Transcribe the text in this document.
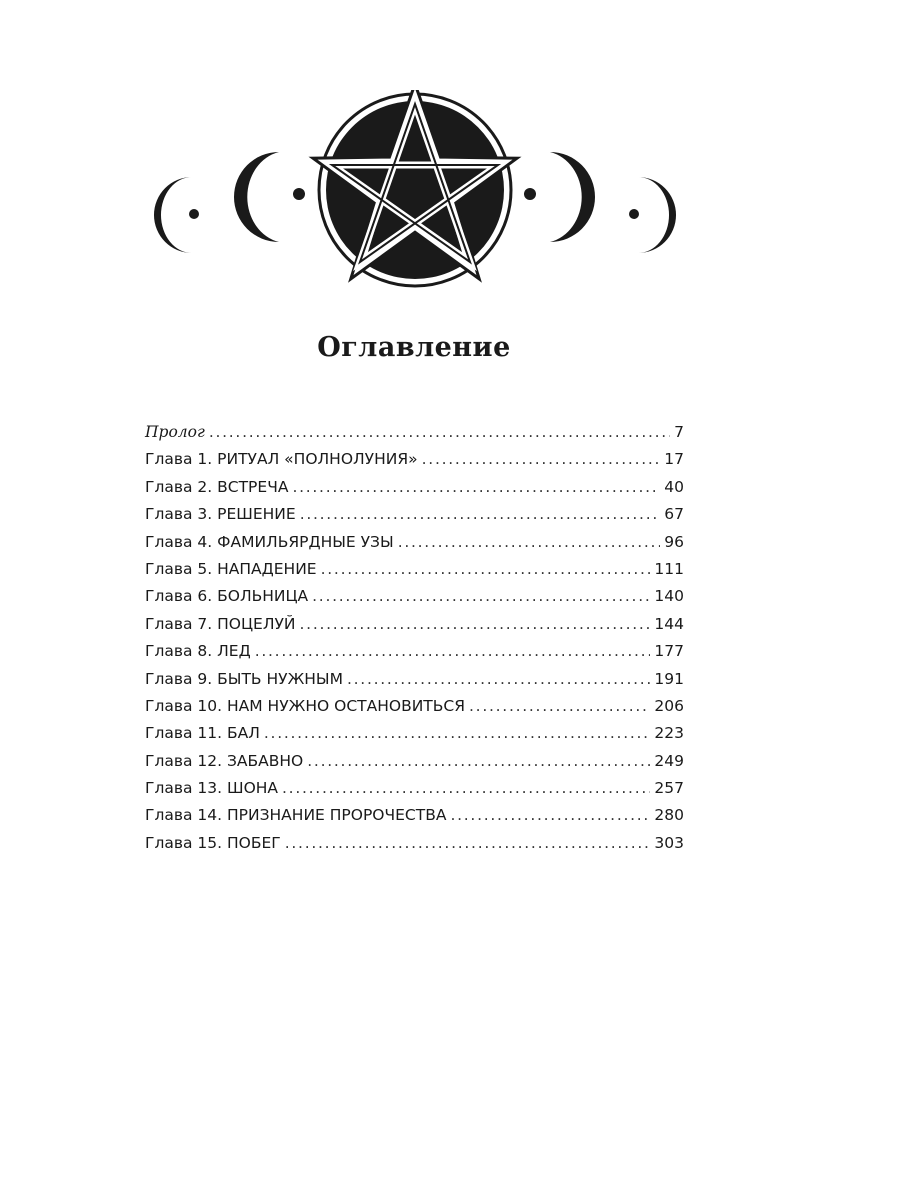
Оглавление
Пролог . . .	7
Глава 1. РИТУАЛ «ПОЛНОЛУНИЯ» . . .	17
Глава 2. ВСТРЕЧА . . .	40
Глава 3. РЕШЕНИЕ . . .	67
Глава 4. ФАМИЛЬЯРДНЫЕ УЗЫ . . .	96
Глава 5. НАПАДЕНИЕ . . .	111
Глава 6. БОЛЬНИЦА . . .	140
Глава 7. ПОЦЕЛУЙ . . .	144
Глава 8. ЛЕД . . .	177
Глава 9. БЫТЬ НУЖНЫМ . . .	191
Глава 10. НАМ НУЖНО ОСТАНОВИТЬСЯ . . .	206
Глава 11. БАЛ . . .	223
Глава 12. ЗАБАВНО . . .	249
Глава 13. ШОНА . . .	257
Глава 14. ПРИЗНАНИЕ ПРОРОЧЕСТВА . . .	280
Глава 15. ПОБЕГ . . .	303
